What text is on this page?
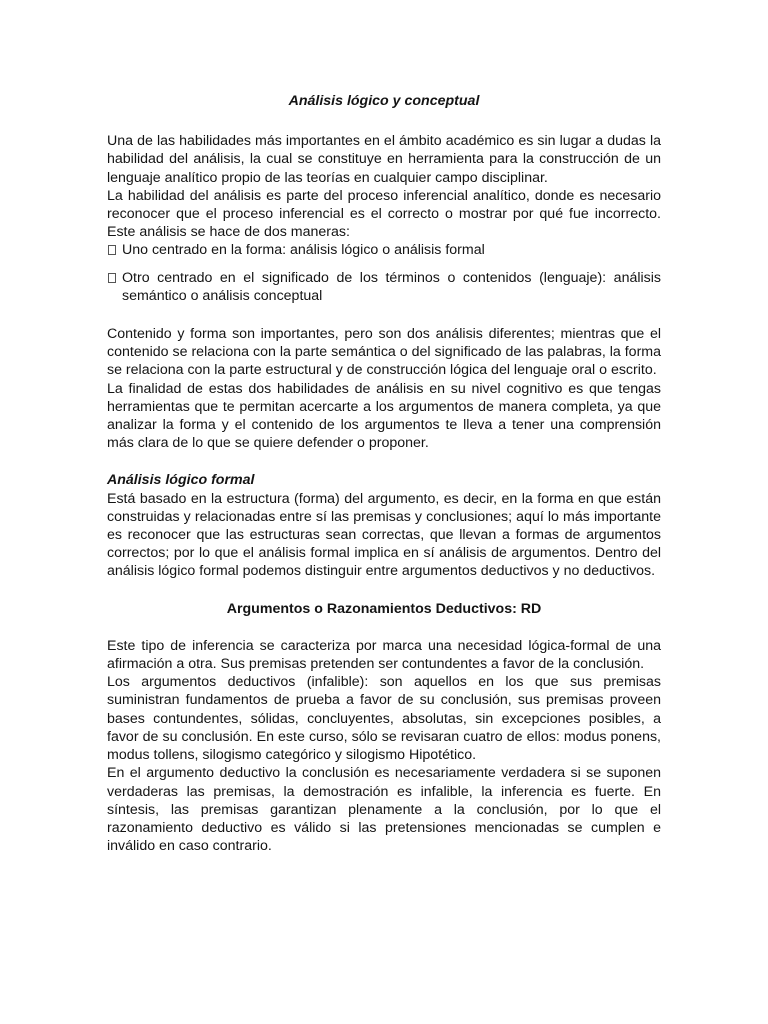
Análisis lógico y conceptual

Una de las habilidades más importantes en el ámbito académico es sin lugar a dudas la habilidad del análisis, la cual se constituye en herramienta para la construcción de un lenguaje analítico propio de las teorías en cualquier campo disciplinar.

La habilidad del análisis es parte del proceso inferencial analítico, donde es necesario reconocer que el proceso inferencial es el correcto o mostrar por qué fue incorrecto. Este análisis se hace de dos maneras:

Uno centrado en la forma: análisis lógico o análisis formal
Otro centrado en el significado de los términos o contenidos (lenguaje): análisis semántico o análisis conceptual

Contenido y forma son importantes, pero son dos análisis diferentes; mientras que el contenido se relaciona con la parte semántica o del significado de las palabras, la forma se relaciona con la parte estructural y de construcción lógica del lenguaje oral o escrito.

La finalidad de estas dos habilidades de análisis en su nivel cognitivo es que tengas herramientas que te permitan acercarte a los argumentos de manera completa, ya que analizar la forma y el contenido de los argumentos te lleva a tener una comprensión más clara de lo que se quiere defender o proponer.

Análisis lógico formal

Está basado en la estructura (forma) del argumento, es decir, en la forma en que están construidas y relacionadas entre sí las premisas y conclusiones; aquí lo más importante es reconocer que las estructuras sean correctas, que llevan a formas de argumentos correctos; por lo que el análisis formal implica en sí análisis de argumentos. Dentro del análisis lógico formal podemos distinguir entre argumentos deductivos y no deductivos.

Argumentos o Razonamientos Deductivos: RD

Este tipo de inferencia se caracteriza por marca una necesidad lógica-formal de una afirmación a otra. Sus premisas pretenden ser contundentes a favor de la conclusión.

Los argumentos deductivos (infalible): son aquellos en los que sus premisas suministran fundamentos de prueba a favor de su conclusión, sus premisas proveen bases contundentes, sólidas, concluyentes, absolutas, sin excepciones posibles, a favor de su conclusión. En este curso, sólo se revisaran cuatro de ellos: modus ponens, modus tollens, silogismo categórico y silogismo Hipotético.

En el argumento deductivo la conclusión es necesariamente verdadera si se suponen verdaderas las premisas, la demostración es infalible, la inferencia es fuerte. En síntesis, las premisas garantizan plenamente a la conclusión, por lo que el razonamiento deductivo es válido si las pretensiones mencionadas se cumplen e inválido en caso contrario.
